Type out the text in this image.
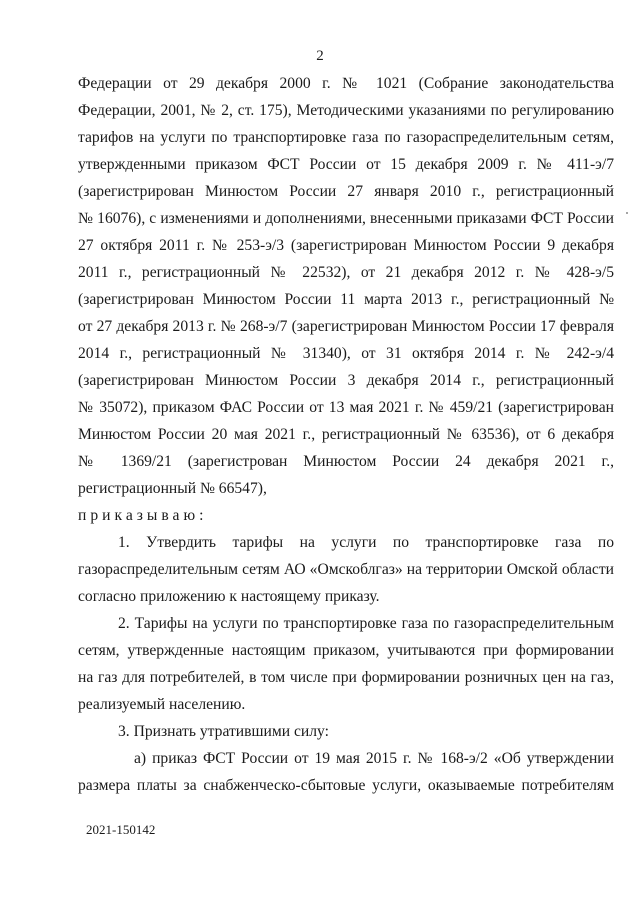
2
Федерации от 29 декабря 2000 г. № 1021 (Собрание законодательства
Федерации, 2001, № 2, ст. 175), Методическими указаниями по регулированию
тарифов на услуги по транспортировке газа по газораспределительным сетям,
утвержденными приказом ФСТ России от 15 декабря 2009 г. № 411-э/7
(зарегистрирован Минюстом России 27 января 2010 г., регистрационный
№ 16076), с изменениями и дополнениями, внесенными приказами ФСТ России
27 октября 2011 г. № 253-э/3 (зарегистрирован Минюстом России 9 декабря
2011 г., регистрационный № 22532), от 21 декабря 2012 г. № 428-э/5
(зарегистрирован Минюстом России 11 марта 2013 г., регистрационный №
от 27 декабря 2013 г. № 268-э/7 (зарегистрирован Минюстом России 17 февраля
2014 г., регистрационный № 31340), от 31 октября 2014 г. № 242-э/4
(зарегистрирован Минюстом России 3 декабря 2014 г., регистрационный
№ 35072), приказом ФАС России от 13 мая 2021 г. № 459/21 (зарегистрирован
Минюстом России 20 мая 2021 г., регистрационный № 63536), от 6 декабря
№ 1369/21 (зарегистрован Минюстом России 24 декабря 2021 г.,
регистрационный № 66547),
приказываю:
1. Утвердить тарифы на услуги по транспортировке газа по
газораспределительным сетям АО «Омскоблгаз» на территории Омской области
согласно приложению к настоящему приказу.
2. Тарифы на услуги по транспортировке газа по газораспределительным
сетям, утвержденные настоящим приказом, учитываются при формировании
на газ для потребителей, в том числе при формировании розничных цен на газ,
реализуемый населению.
3. Признать утратившими силу:
а) приказ ФСТ России от 19 мая 2015 г. № 168-э/2 «Об утверждении
размера платы за снабженческо-сбытовые услуги, оказываемые потребителям
2021-150142
